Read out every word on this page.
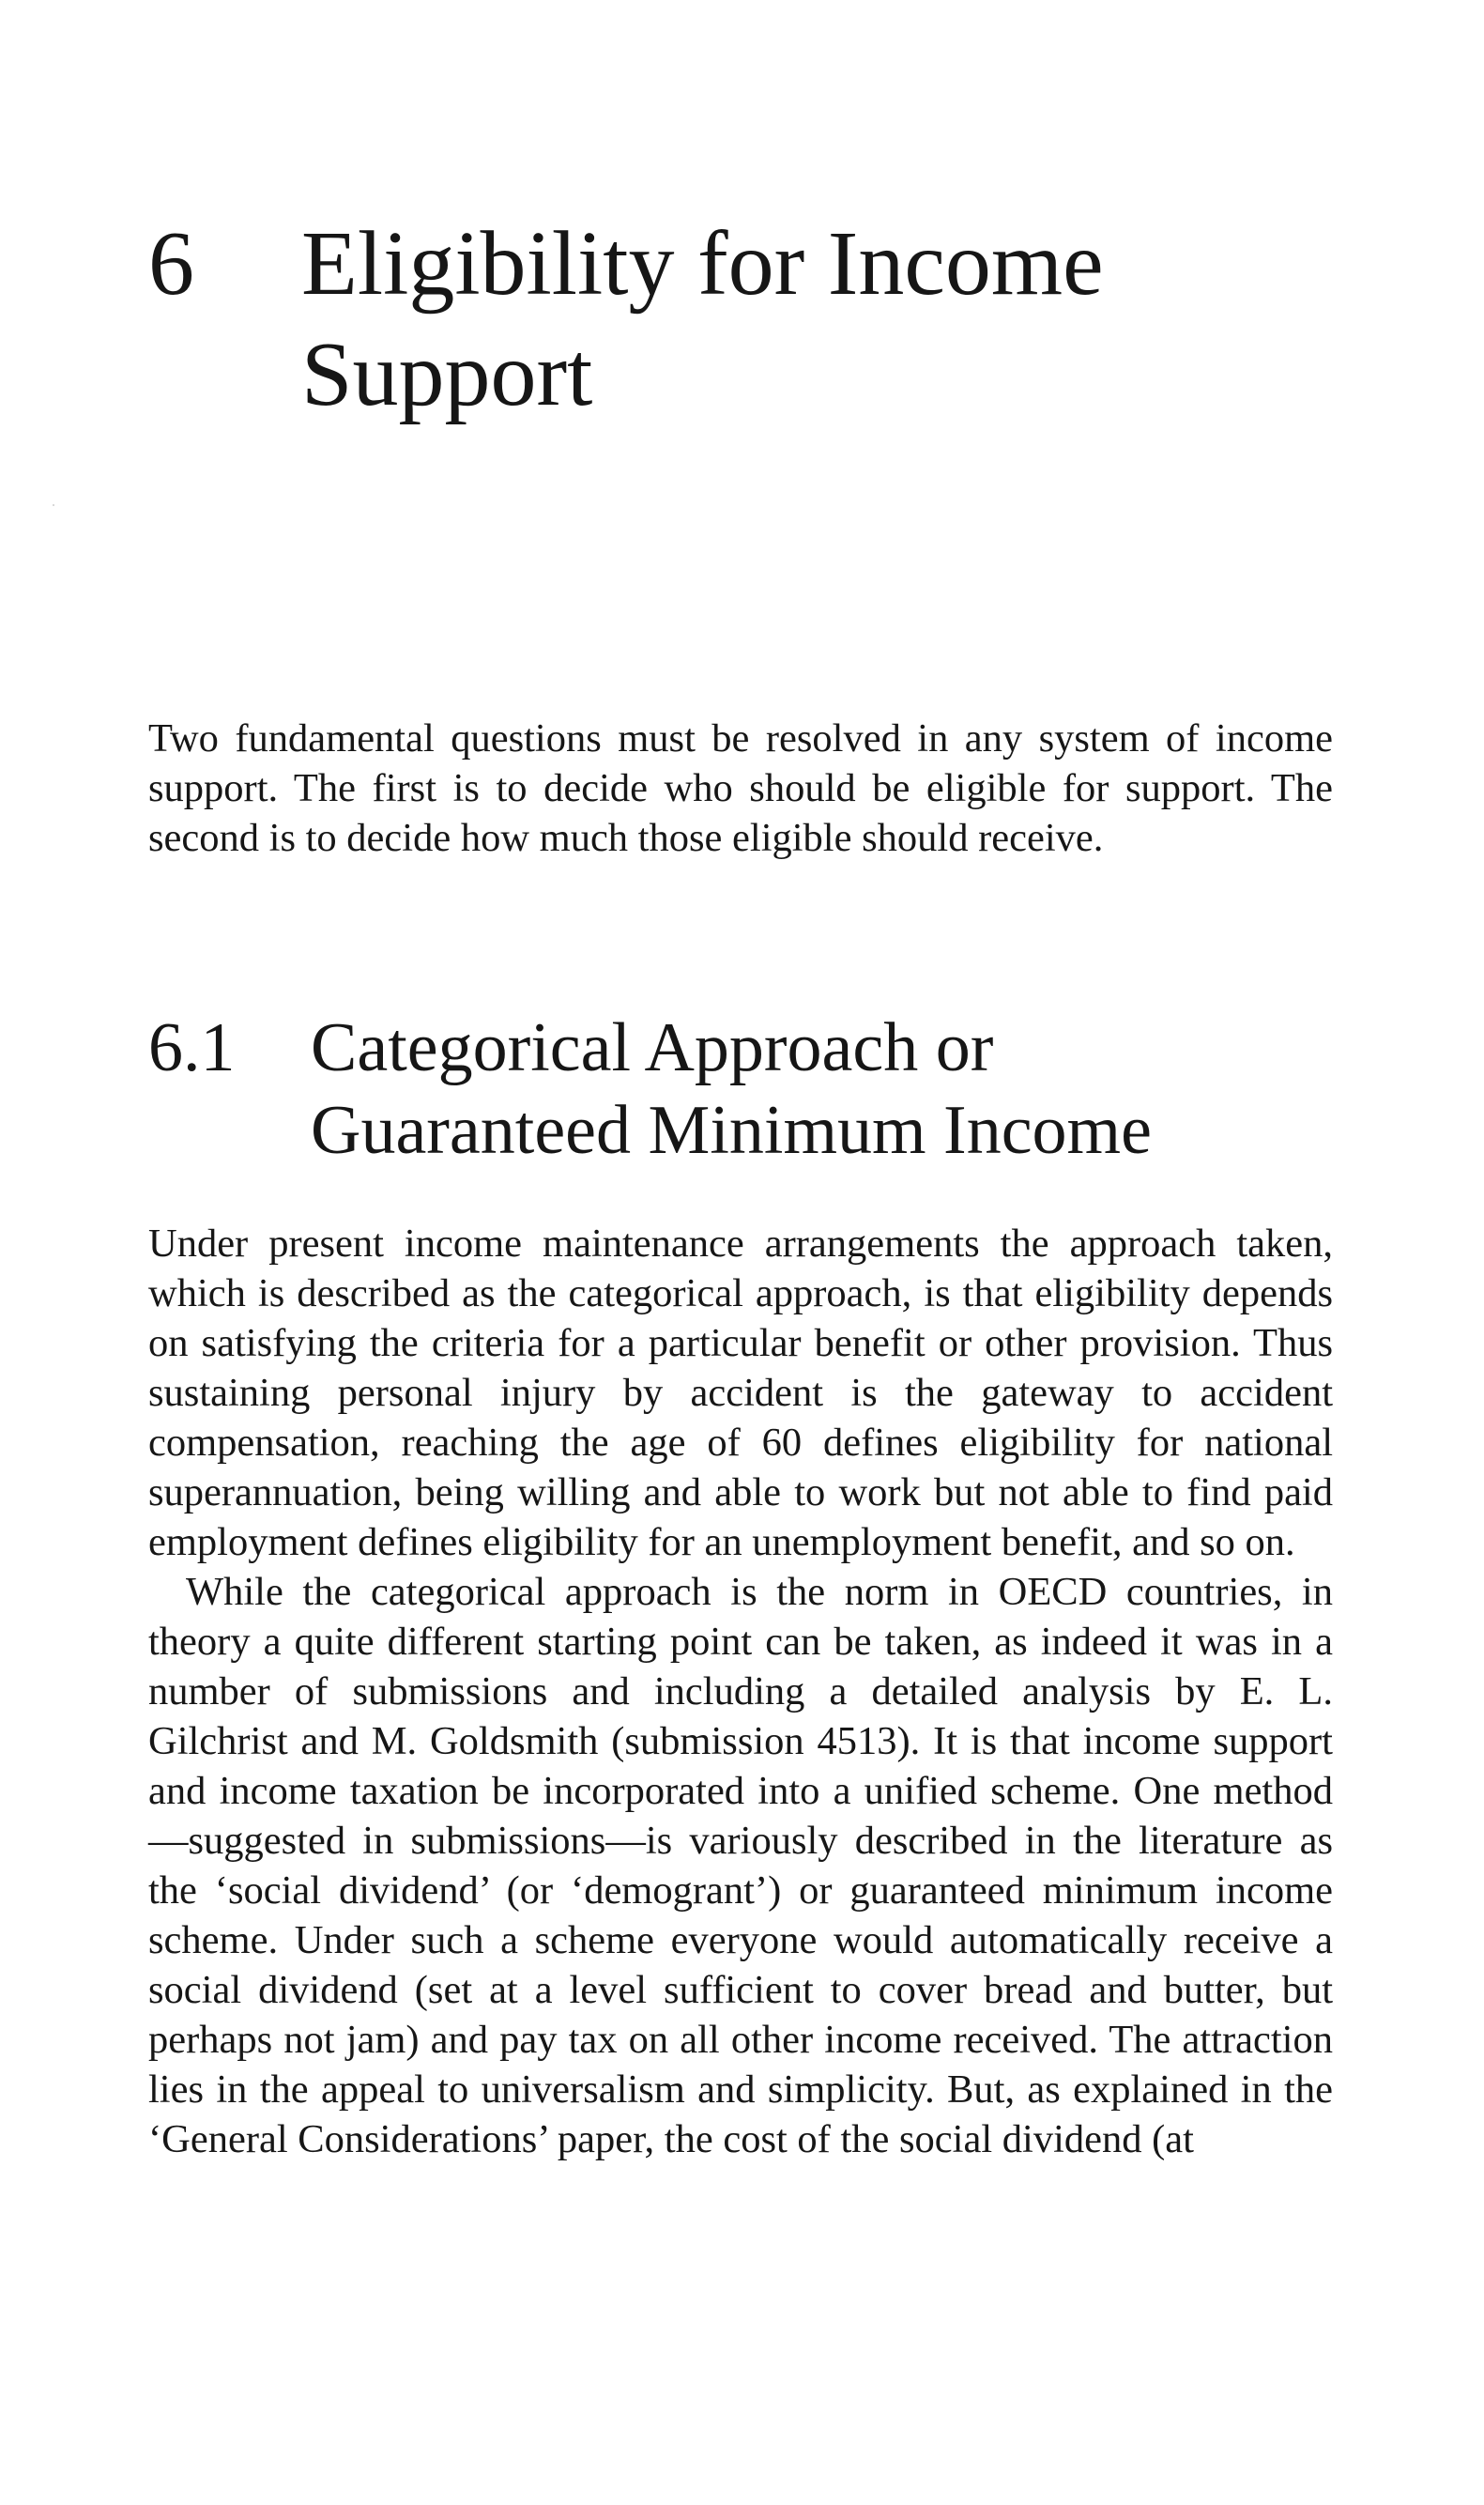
6 Eligibility for Income
Support

Two fundamental questions must be resolved in any system of income support. The first is to decide who should be eligible for support. The second is to decide how much those eligible should receive.

6.1 Categorical Approach or
Guaranteed Minimum Income

Under present income maintenance arrangements the approach taken, which is described as the categorical approach, is that eligibility depends on satisfying the criteria for a particular benefit or other provision. Thus sustaining personal injury by accident is the gateway to accident compensation, reaching the age of 60 defines eligibility for national superannuation, being willing and able to work but not able to find paid employment defines eligibility for an unemployment benefit, and so on.

While the categorical approach is the norm in OECD countries, in theory a quite different starting point can be taken, as indeed it was in a number of submissions and including a detailed analysis by E. L. Gilchrist and M. Goldsmith (submission 4513). It is that income support and income taxation be incorporated into a unified scheme. One method—suggested in submissions—is variously described in the literature as the ‘social dividend’ (or ‘demogrant’) or guaranteed minimum income scheme. Under such a scheme everyone would automatically receive a social dividend (set at a level sufficient to cover bread and butter, but perhaps not jam) and pay tax on all other income received. The attraction lies in the appeal to universalism and simplicity. But, as explained in the ‘General Considerations’ paper, the cost of the social dividend (at
